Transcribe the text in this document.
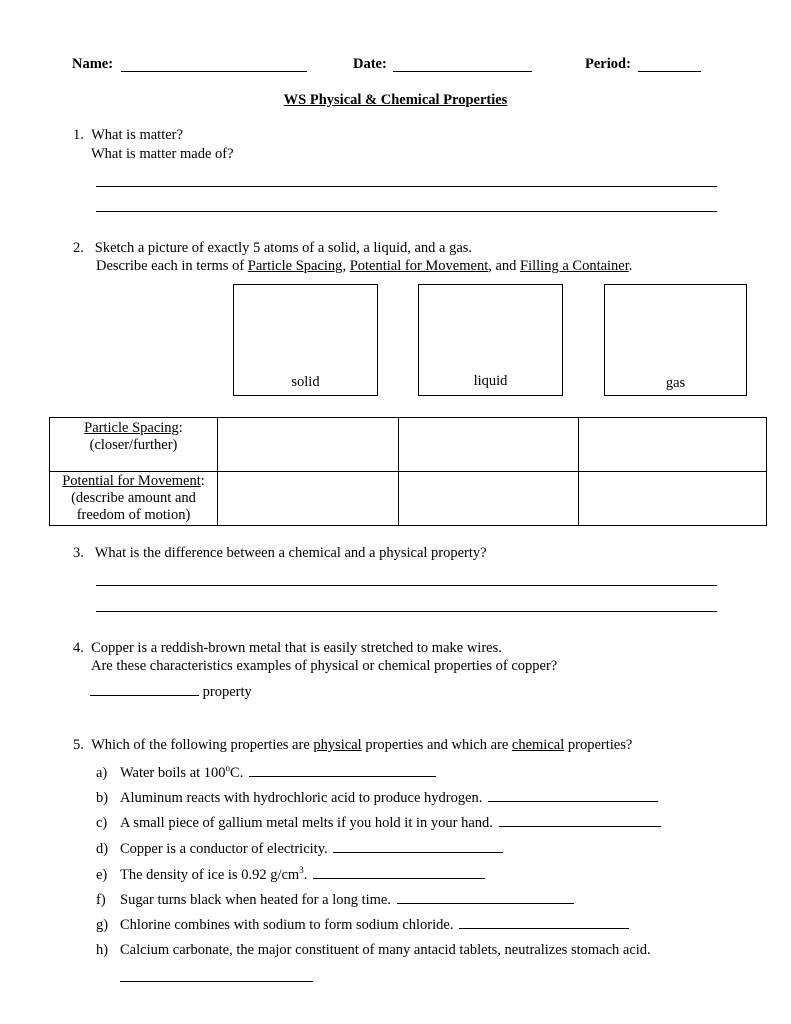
Name:	Date:	Period:
WS Physical & Chemical Properties
1. What is matter?
What is matter made of?
2. Sketch a picture of exactly 5 atoms of a solid, a liquid, and a gas.
Describe each in terms of Particle Spacing, Potential for Movement, and Filling a Container.
solid	liquid	gas
Particle Spacing:
(closer/further)			
Potential for Movement:
(describe amount and
freedom of motion)			
3. What is the difference between a chemical and a physical property?
4. Copper is a reddish-brown metal that is easily stretched to make wires.
Are these characteristics examples of physical or chemical properties of copper?
property
5. Which of the following properties are physical properties and which are chemical properties?
a) Water boils at 100$^o$C.
b) Aluminum reacts with hydrochloric acid to produce hydrogen.
c) A small piece of gallium metal melts if you hold it in your hand.
d) Copper is a conductor of electricity.
e) The density of ice is 0.92 $g/cm^3$.
f) Sugar turns black when heated for a long time.
g) Chlorine combines with sodium to form sodium chloride.
h) Calcium carbonate, the major constituent of many antacid tablets, neutralizes stomach acid.
